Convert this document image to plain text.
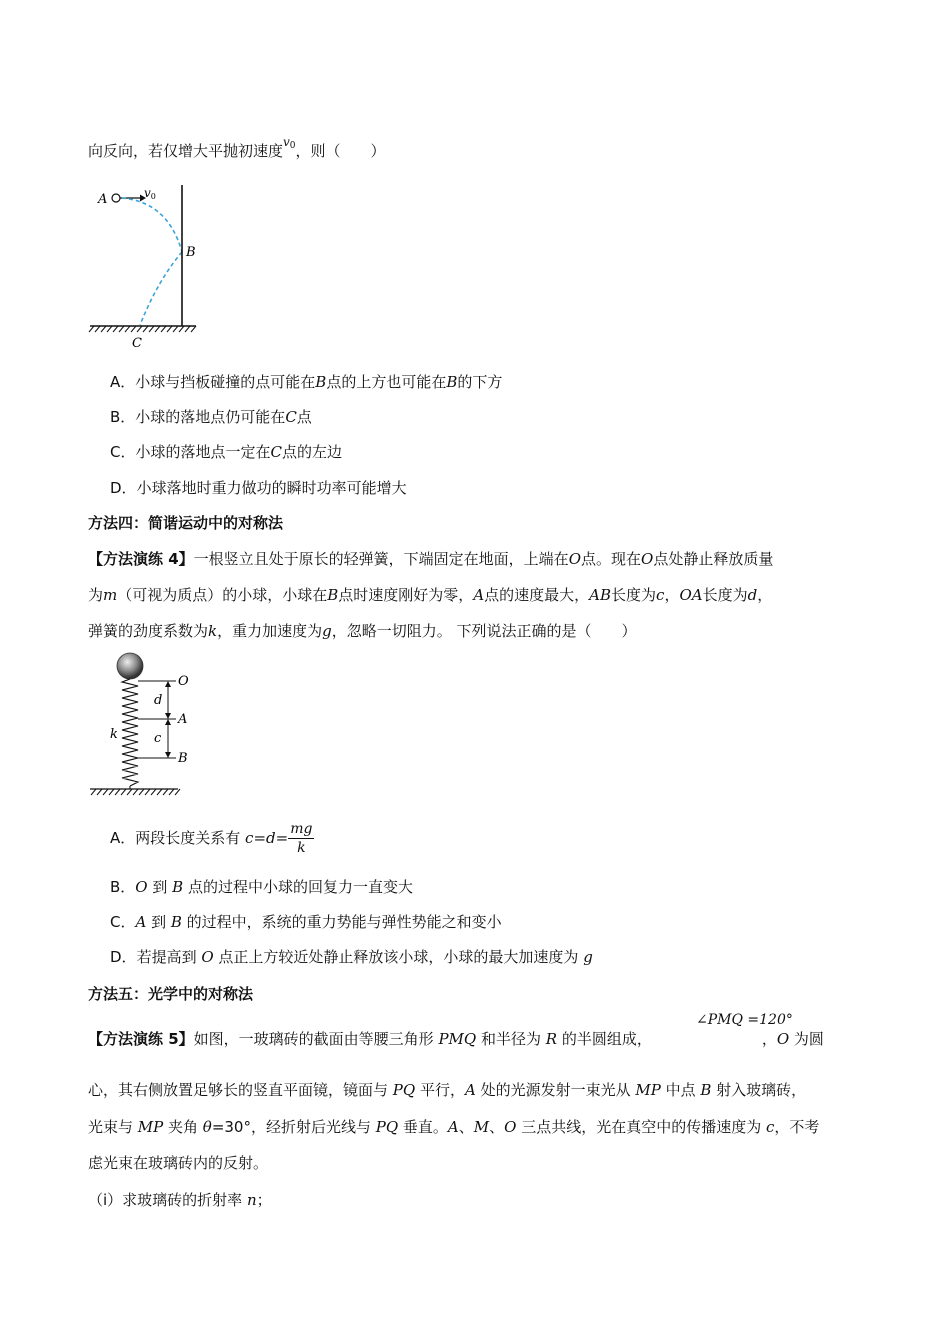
向反向，若仅增大平抛初速度$^{v0}$，则（　　）
A	v0
B
C
A．小球与挡板碰撞的点可能在B点的上方也可能在B的下方
B．小球的落地点仍可能在C点
C．小球的落地点一定在C点的左边
D．小球落地时重力做功的瞬时功率可能增大
方法四：简谐运动中的对称法
【方法演练 4】一根竖立且处于原长的轻弹簧，下端固定在地面，上端在O点。现在O点处静止释放质量
为m（可视为质点）的小球，小球在B点时速度刚好为零，A点的速度最大，AB长度为c，OA长度为d，
弹簧的劲度系数为k，重力加速度为g，忽略一切阻力。 下列说法正确的是（　　）
O
A
B
d
c
k
A．两段长度关系有 $c=d= \frac{mg}{k}$
B．O 到 B 点的过程中小球的回复力一直变大
C．A 到 B 的过程中，系统的重力势能与弹性势能之和变小
D．若提高到 O 点正上方较近处静止释放该小球，小球的最大加速度为 g
方法五：光学中的对称法
∠PMQ =120°
【方法演练 5】如图，一玻璃砖的截面由等腰三角形 PMQ 和半径为 R 的半圆组成，	，O 为圆
心，其右侧放置足够长的竖直平面镜，镜面与 PQ 平行，A 处的光源发射一束光从 MP 中点 B 射入玻璃砖，
光束与 MP 夹角 θ=30°，经折射后光线与 PQ 垂直。A、M、O 三点共线，光在真空中的传播速度为 c，不考
虑光束在玻璃砖内的反射。
（i）求玻璃砖的折射率 n；
